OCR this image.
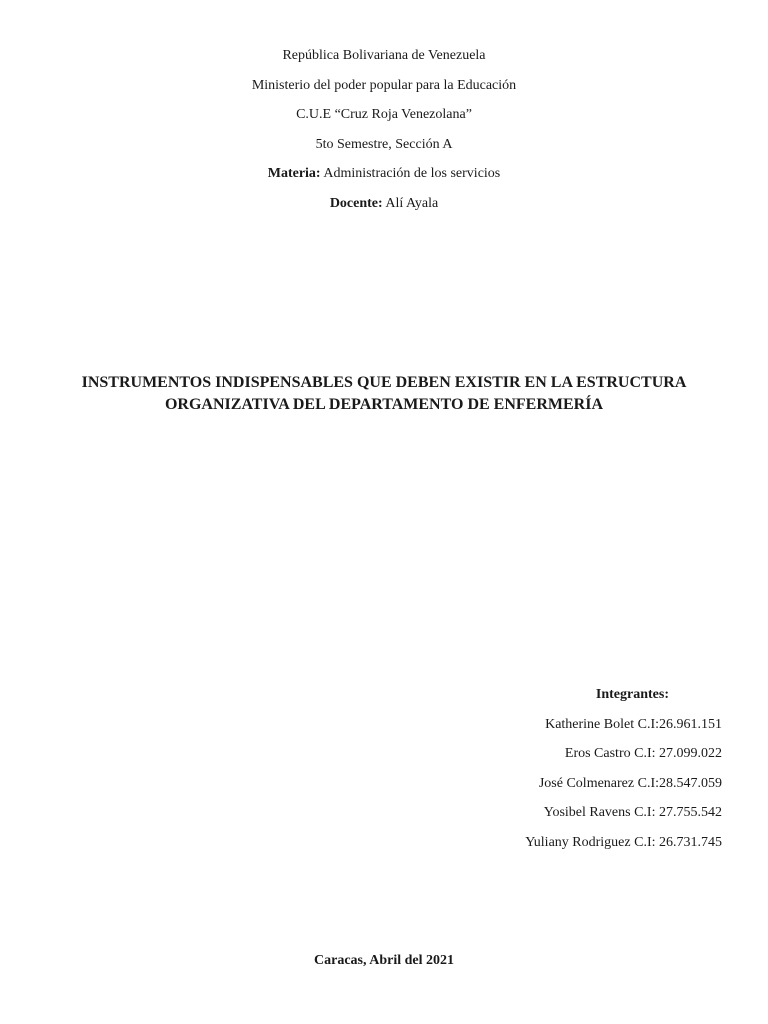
República Bolivariana de Venezuela
Ministerio del poder popular para la Educación
C.U.E “Cruz Roja Venezolana”
5to Semestre, Sección A
Materia: Administración de los servicios
Docente: Alí Ayala
INSTRUMENTOS INDISPENSABLES QUE DEBEN EXISTIR EN LA ESTRUCTURA
ORGANIZATIVA DEL DEPARTAMENTO DE ENFERMERÍA
Integrantes:
Katherine Bolet C.I:26.961.151
Eros Castro C.I: 27.099.022
José Colmenarez C.I:28.547.059
Yosibel Ravens C.I: 27.755.542
Yuliany Rodriguez C.I: 26.731.745
Caracas, Abril del 2021
